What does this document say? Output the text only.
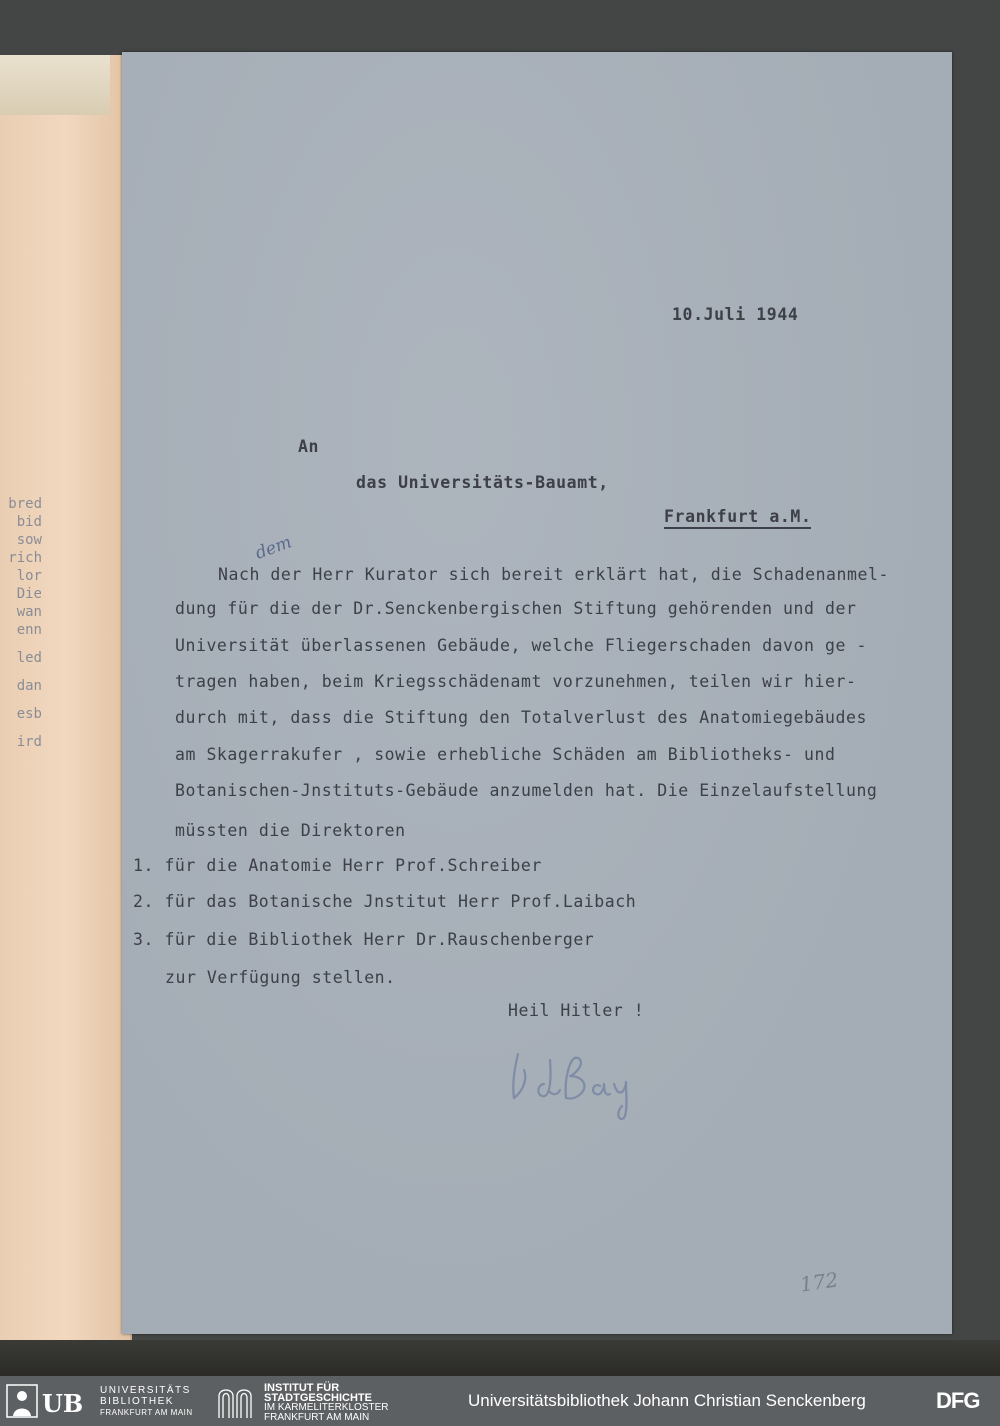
bred
bid
sow
rich
lor
Die
wan
enn
led
dan
esb
ird
10.Juli 1944
An
das Universitäts-Bauamt,
Frankfurt a.M.
dem
Nach der Herr Kurator sich bereit erklärt hat, die Schadenanmel-
dung für die der Dr.Senckenbergischen Stiftung gehörenden und der
Universität überlassenen Gebäude, welche Fliegerschaden davon ge -
tragen haben, beim Kriegsschädenamt vorzunehmen, teilen wir hier-
durch mit, dass die Stiftung den Totalverlust des Anatomiegebäudes
am Skagerrakufer , sowie erhebliche Schäden am Bibliotheks- und
Botanischen-Jnstituts-Gebäude anzumelden hat. Die Einzelaufstellung
müssten die Direktoren
1. für die Anatomie Herr Prof.Schreiber
2. für das Botanische Jnstitut Herr Prof.Laibach
3. für die Bibliothek Herr Dr.Rauschenberger
zur Verfügung stellen.
Heil Hitler !
172
UB UNIVERSITÄTS
BIBLIOTHEK
FRANKFURT AM MAIN
INSTITUT FÜR
STADTGESCHICHTE
IM KARMELITERKLOSTER
FRANKFURT AM MAIN
Universitätsbibliothek Johann Christian Senckenberg	DFG
